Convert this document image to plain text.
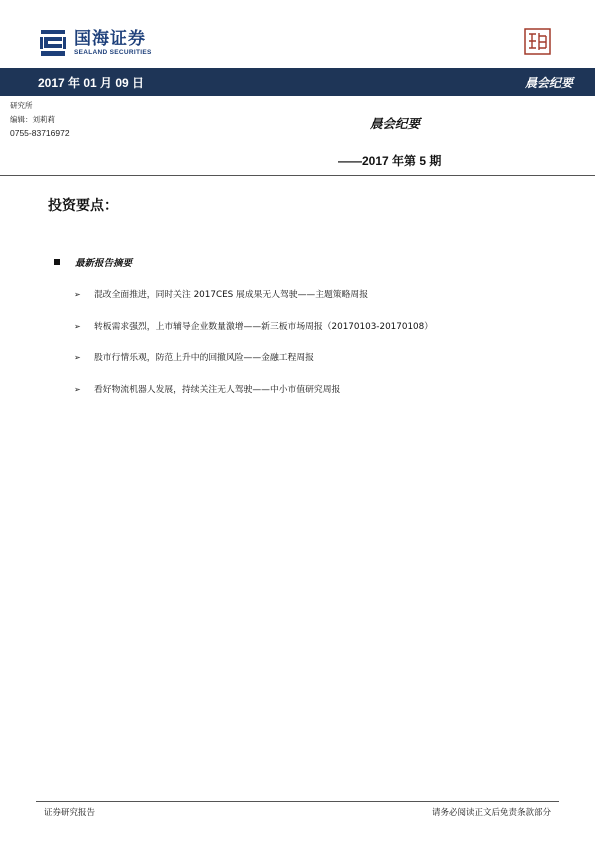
国海证券
SEALAND SECURITIES
2017 年 01 月 09 日	晨会纪要
研究所
编辑：刘莉莉
0755-83716972
晨会纪要
——2017 年第 5 期
投资要点：
最新报告摘要
➢ 混改全面推进，同时关注 2017CES 展成果无人驾驶——主题策略周报
➢ 转板需求强烈，上市辅导企业数量激增——新三板市场周报（20170103-20170108）
➢ 股市行情乐观，防范上升中的回撤风险——金融工程周报
➢ 看好物流机器人发展，持续关注无人驾驶——中小市值研究周报
证券研究报告	请务必阅读正文后免责条款部分
